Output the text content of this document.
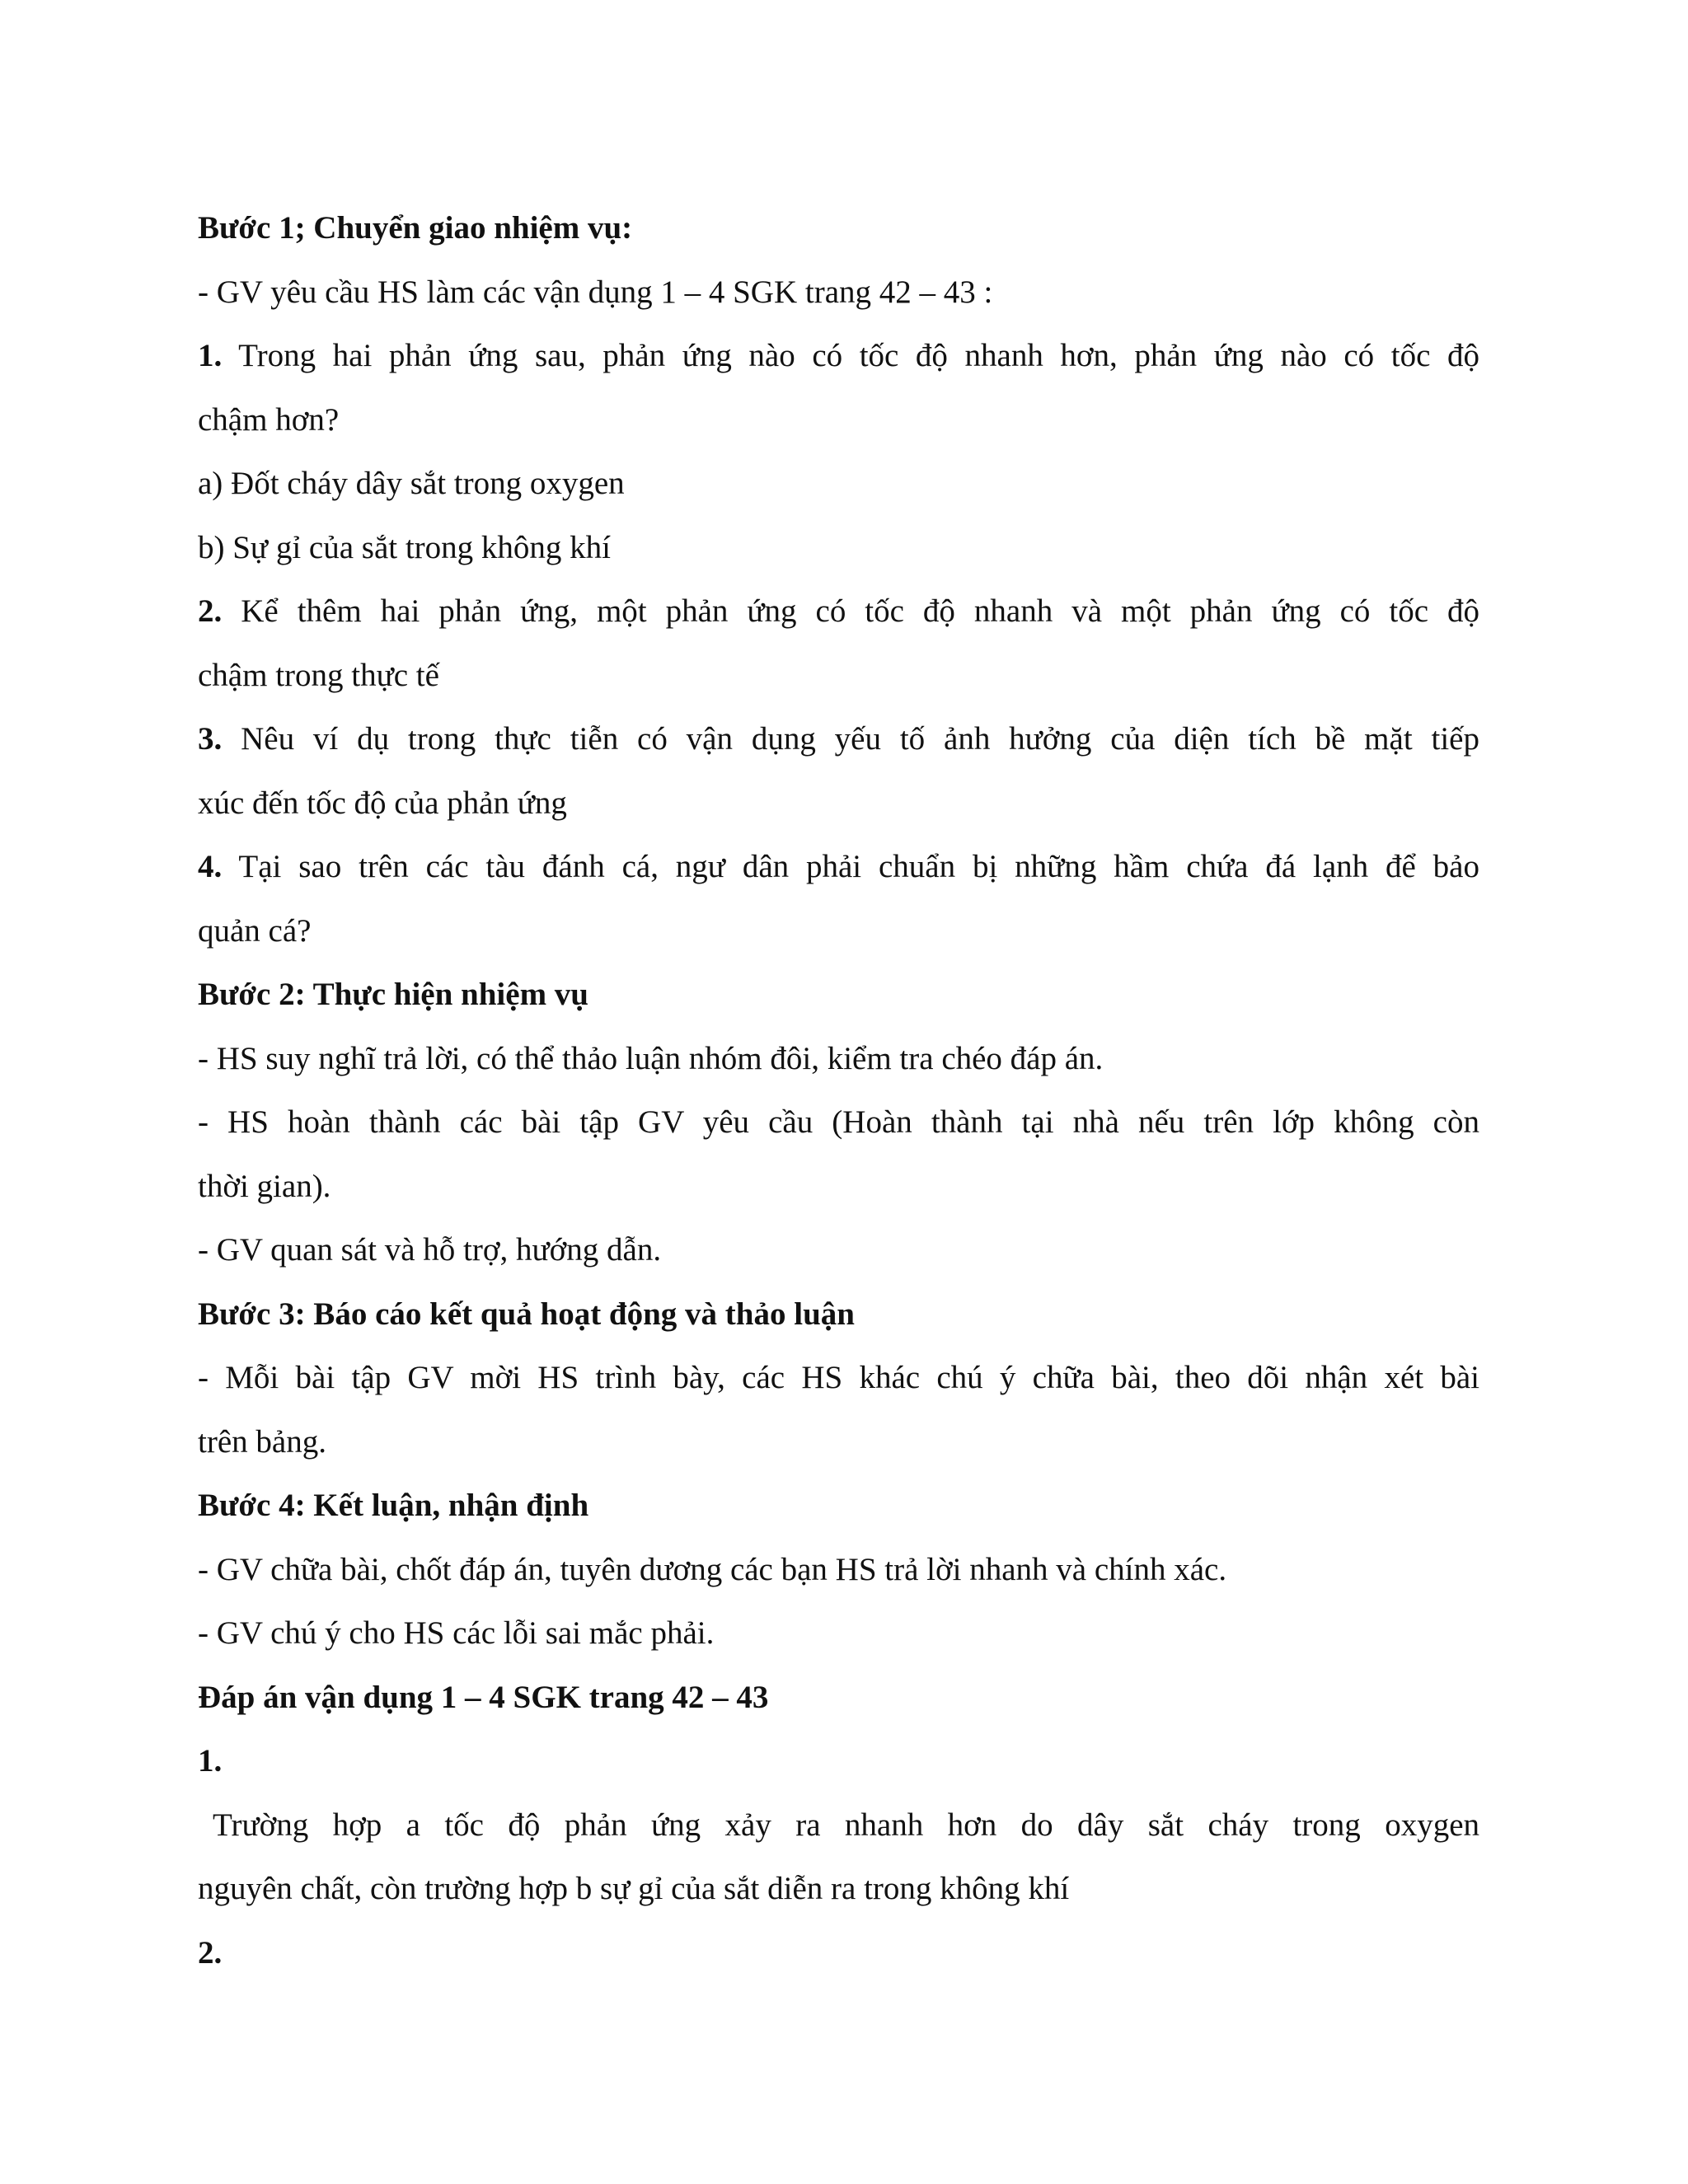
Bước 1; Chuyển giao nhiệm vụ:
- GV yêu cầu HS làm các vận dụng 1 – 4 SGK trang 42 – 43 :
1. Trong hai phản ứng sau, phản ứng nào có tốc độ nhanh hơn, phản ứng nào có tốc độ
chậm hơn?
a) Đốt cháy dây sắt trong oxygen
b) Sự gỉ của sắt trong không khí
2. Kể thêm hai phản ứng, một phản ứng có tốc độ nhanh và một phản ứng có tốc độ
chậm trong thực tế
3. Nêu ví dụ trong thực tiễn có vận dụng yếu tố ảnh hưởng của diện tích bề mặt tiếp
xúc đến tốc độ của phản ứng
4. Tại sao trên các tàu đánh cá, ngư dân phải chuẩn bị những hầm chứa đá lạnh để bảo
quản cá?
Bước 2: Thực hiện nhiệm vụ
- HS suy nghĩ trả lời, có thể thảo luận nhóm đôi, kiểm tra chéo đáp án.
- HS hoàn thành các bài tập GV yêu cầu (Hoàn thành tại nhà nếu trên lớp không còn
thời gian).
- GV quan sát và hỗ trợ, hướng dẫn.
Bước 3: Báo cáo kết quả hoạt động và thảo luận
- Mỗi bài tập GV mời HS trình bày, các HS khác chú ý chữa bài, theo dõi nhận xét bài
trên bảng.
Bước 4: Kết luận, nhận định
- GV chữa bài, chốt đáp án, tuyên dương các bạn HS trả lời nhanh và chính xác.
- GV chú ý cho HS các lỗi sai mắc phải.
Đáp án vận dụng 1 – 4 SGK trang 42 – 43
1.
Trường hợp a tốc độ phản ứng xảy ra nhanh hơn do dây sắt cháy trong oxygen
nguyên chất, còn trường hợp b sự gỉ của sắt diễn ra trong không khí
2.
